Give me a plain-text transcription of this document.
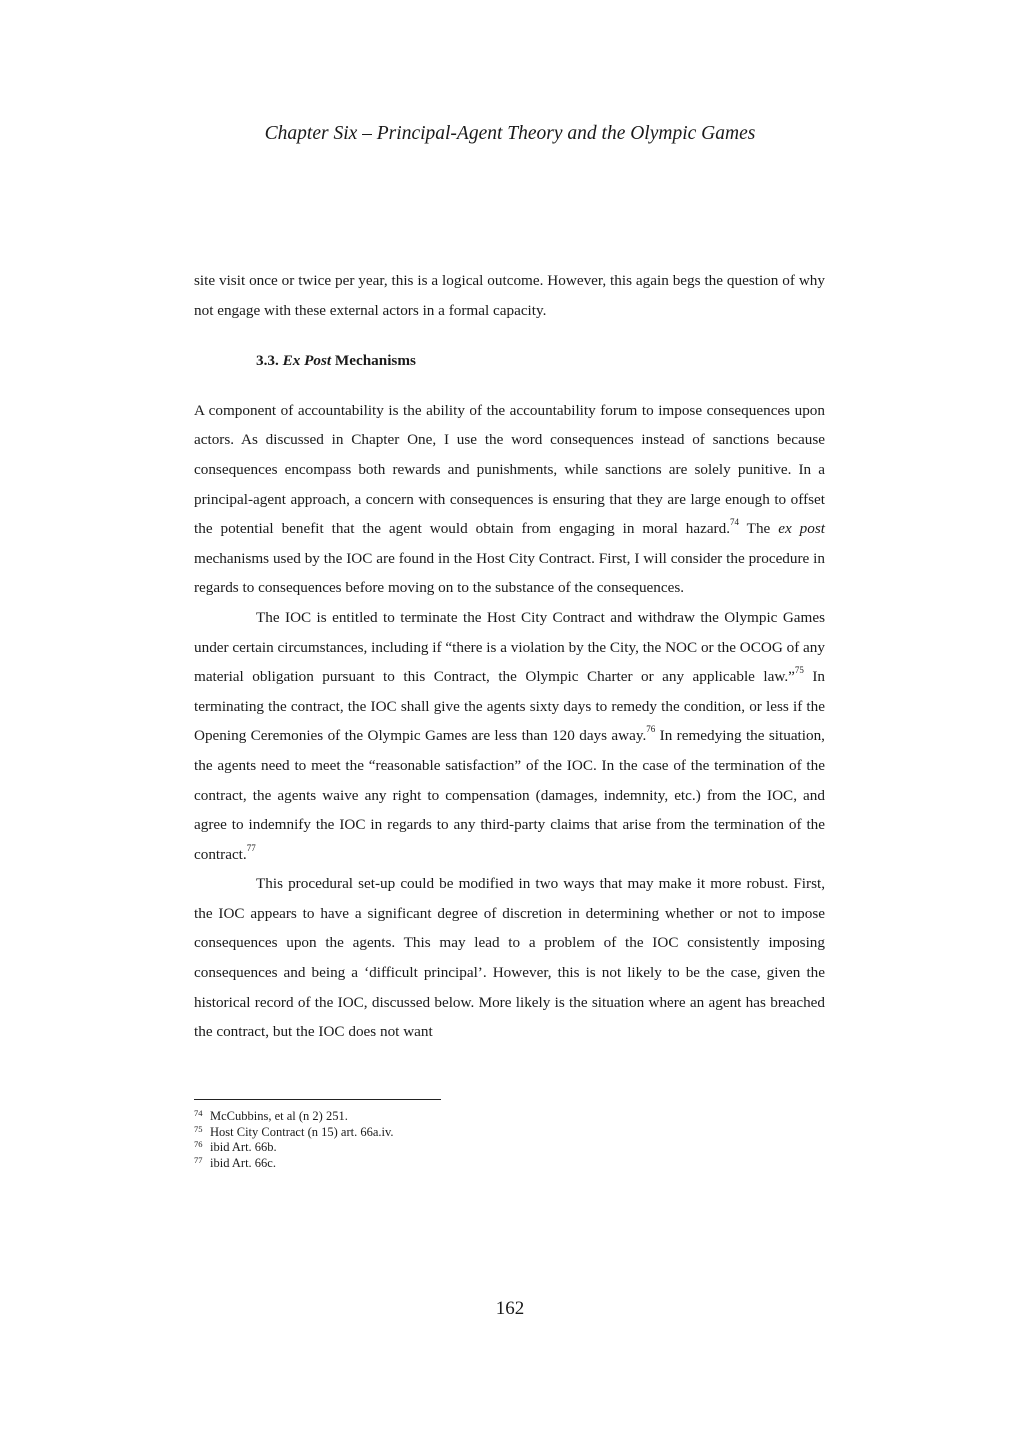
Chapter Six – Principal-Agent Theory and the Olympic Games

site visit once or twice per year, this is a logical outcome. However, this again begs the question of why not engage with these external actors in a formal capacity.

3.3. Ex Post Mechanisms

A component of accountability is the ability of the accountability forum to impose consequences upon actors. As discussed in Chapter One, I use the word consequences instead of sanctions because consequences encompass both rewards and punishments, while sanctions are solely punitive. In a principal-agent approach, a concern with consequences is ensuring that they are large enough to offset the potential benefit that the agent would obtain from engaging in moral hazard.$^{74}$ The ex post mechanisms used by the IOC are found in the Host City Contract. First, I will consider the procedure in regards to consequences before moving on to the substance of the consequences.

The IOC is entitled to terminate the Host City Contract and withdraw the Olympic Games under certain circumstances, including if “there is a violation by the City, the NOC or the OCOG of any material obligation pursuant to this Contract, the Olympic Charter or any applicable law.”$^{75}$ In terminating the contract, the IOC shall give the agents sixty days to remedy the condition, or less if the Opening Ceremonies of the Olympic Games are less than 120 days away.$^{76}$ In remedying the situation, the agents need to meet the “reasonable satisfaction” of the IOC. In the case of the termination of the contract, the agents waive any right to compensation (damages, indemnity, etc.) from the IOC, and agree to indemnify the IOC in regards to any third-party claims that arise from the termination of the contract.$^{77}$

This procedural set-up could be modified in two ways that may make it more robust. First, the IOC appears to have a significant degree of discretion in determining whether or not to impose consequences upon the agents. This may lead to a problem of the IOC consistently imposing consequences and being a ‘difficult principal’. However, this is not likely to be the case, given the historical record of the IOC, discussed below. More likely is the situation where an agent has breached the contract, but the IOC does not want

74 McCubbins, et al (n 2) 251.
75 Host City Contract (n 15) art. 66a.iv.
76 ibid Art. 66b.
77 ibid Art. 66c.
162
